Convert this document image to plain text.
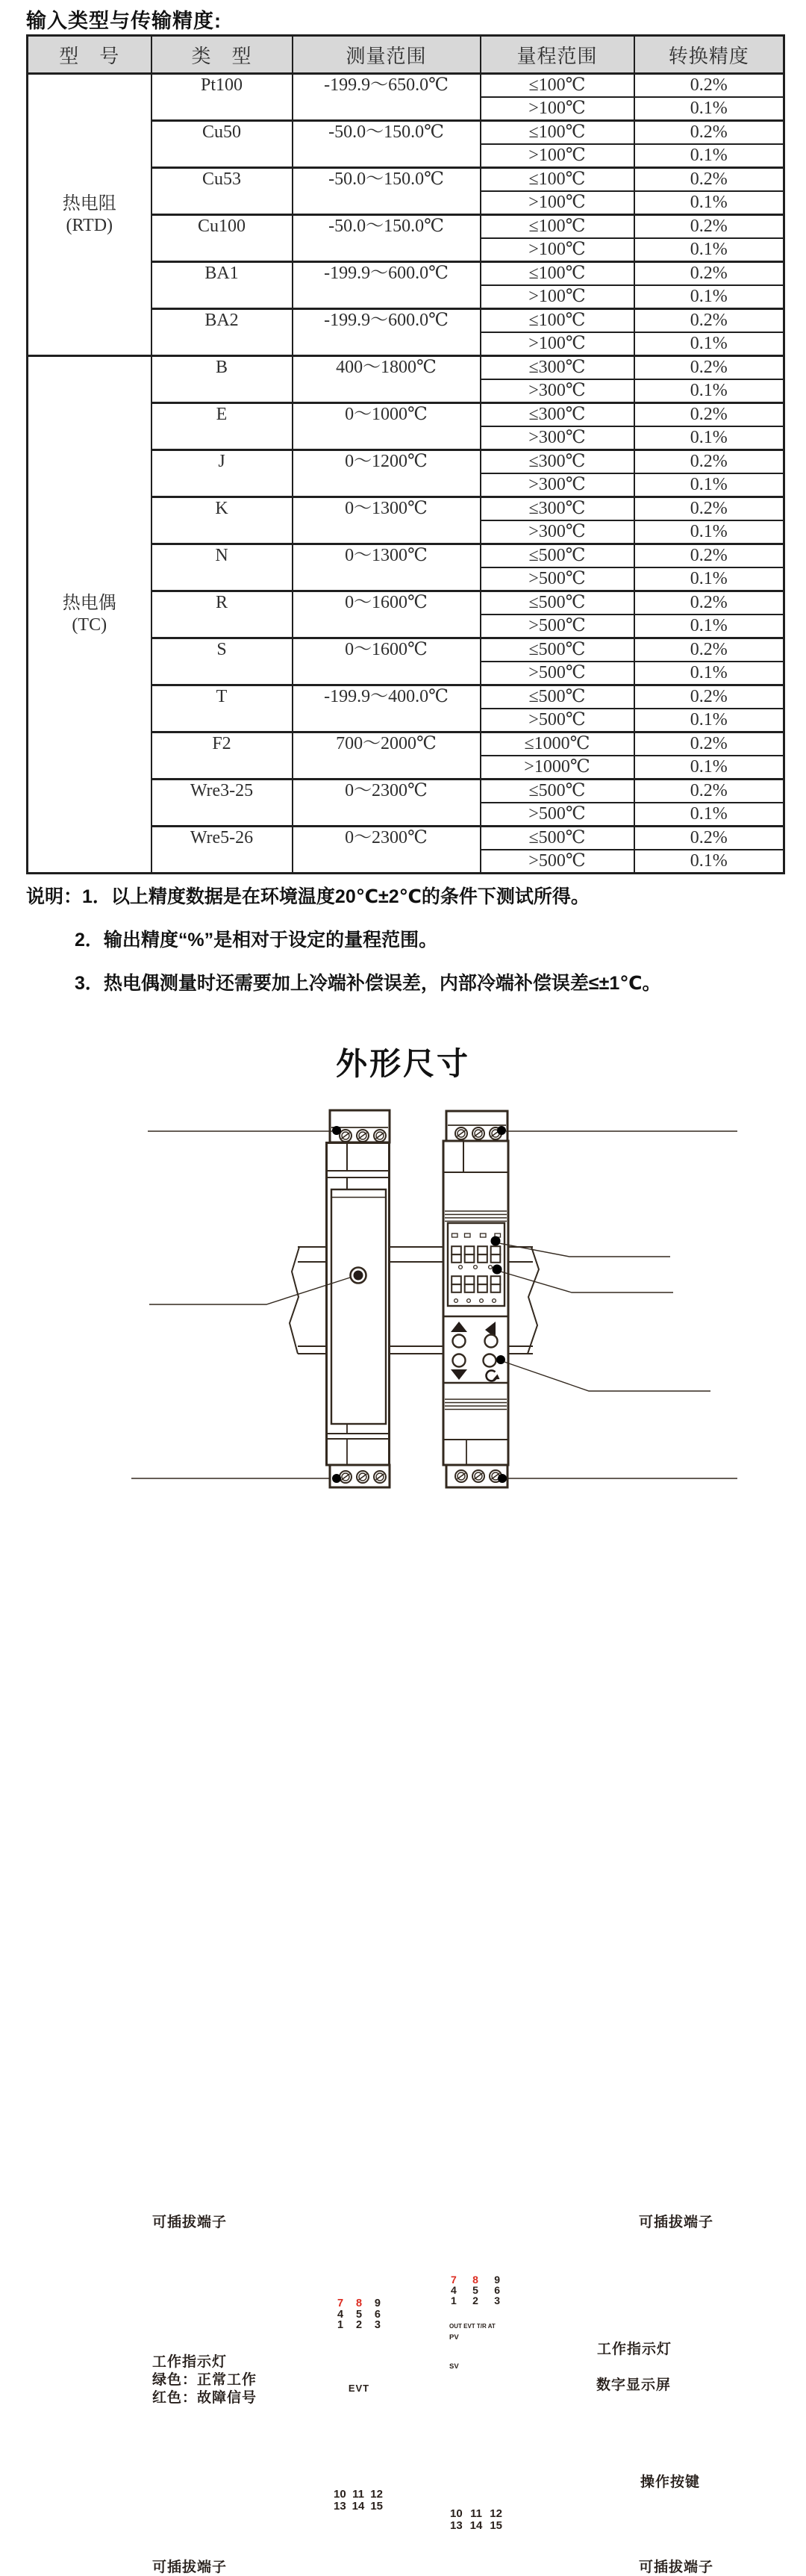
输入类型与传输精度:
型　号	类　型	测量范围	量程范围	转换精度

热电阻
(RTD)	Pt100	-199.9～650.0℃	≤100℃	0.2%
			>100℃	0.1%
	Cu50	-50.0～150.0℃	≤100℃	0.2%
			>100℃	0.1%
	Cu53	-50.0～150.0℃	≤100℃	0.2%
			>100℃	0.1%
	Cu100	-50.0～150.0℃	≤100℃	0.2%
			>100℃	0.1%
	BA1	-199.9～600.0℃	≤100℃	0.2%
			>100℃	0.1%
	BA2	-199.9～600.0℃	≤100℃	0.2%
			>100℃	0.1%

热电偶
(TC)	B	400～1800℃	≤300℃	0.2%
			>300℃	0.1%
	E	0～1000℃	≤300℃	0.2%
			>300℃	0.1%
	J	0～1200℃	≤300℃	0.2%
			>300℃	0.1%
	K	0～1300℃	≤300℃	0.2%
			>300℃	0.1%
	N	0～1300℃	≤500℃	0.2%
			>500℃	0.1%
	R	0～1600℃	≤500℃	0.2%
			>500℃	0.1%
	S	0～1600℃	≤500℃	0.2%
			>500℃	0.1%
	T	-199.9～400.0℃	≤500℃	0.2%
			>500℃	0.1%
	F2	700～2000℃	≤1000℃	0.2%
			>1000℃	0.1%
	Wre3-25	0～2300℃	≤500℃	0.2%
			>500℃	0.1%
	Wre5-26	0～2300℃	≤500℃	0.2%
			>500℃	0.1%
说明：1．以上精度数据是在环境温度20℃±2℃的条件下测试所得。
2．输出精度“%”是相对于设定的量程范围。
3．热电偶测量时还需要加上冷端补偿误差，内部冷端补偿误差≤±1℃。
外形尺寸
可插拔端子	可插拔端子
工作指示灯
绿色：正常工作
红色：故障信号
工作指示灯
数字显示屏
操作按键
可插拔端子	可插拔端子
7 8 9
4 5 6
1 2 3
EVT
10 11 12
13 14 15
7 8 9
4 5 6
1 2 3
OUT EVT T/R AT
PV
SV
10 11 12
13 14 15
